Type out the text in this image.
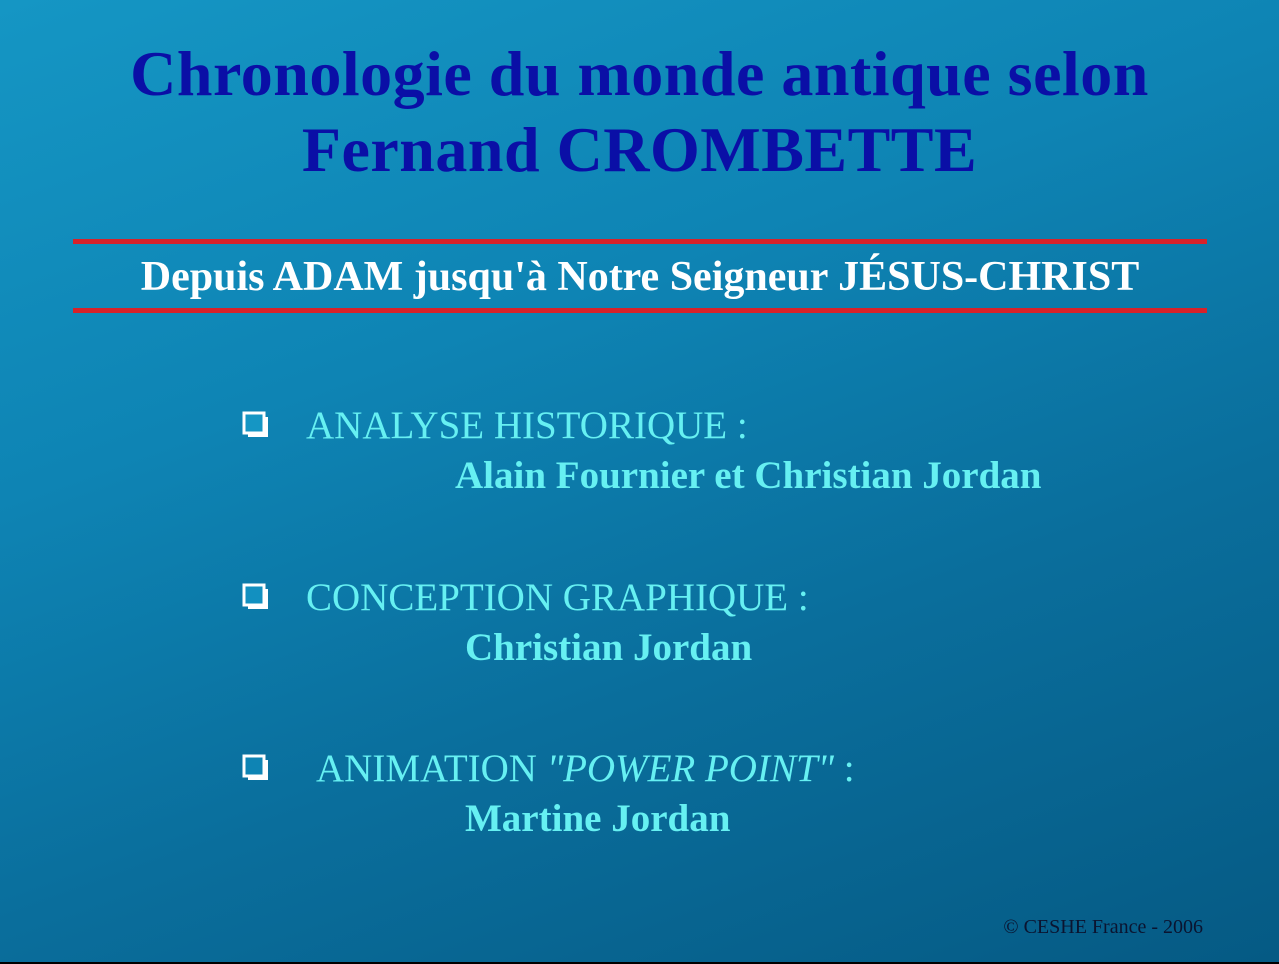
Chronologie du monde antique selon
Fernand CROMBETTE
Depuis ADAM jusqu'à Notre Seigneur JÉSUS-CHRIST
ANALYSE HISTORIQUE :
Alain Fournier et Christian Jordan
CONCEPTION GRAPHIQUE :
Christian Jordan
ANIMATION "POWER POINT" :
Martine Jordan
© CESHE France - 2006
